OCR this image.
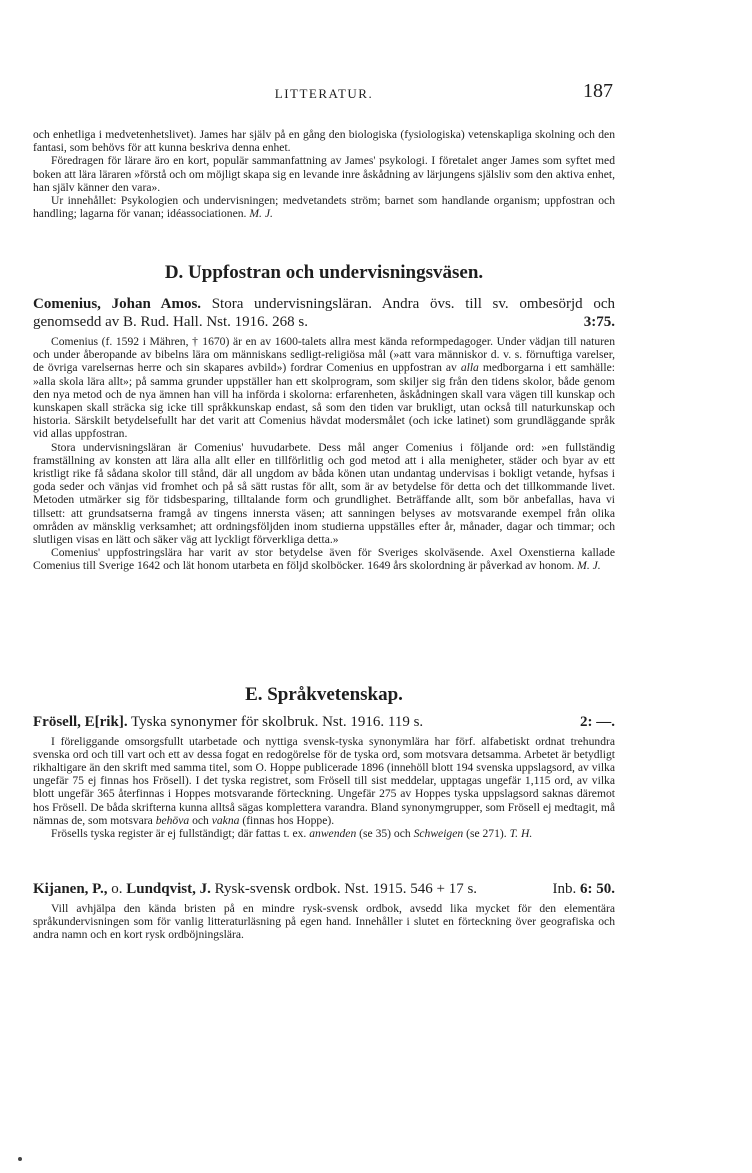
LITTERATUR.	187

och enhetliga i medvetenhetslivet). James har själv på en gång den biologiska (fysiologiska) vetenskapliga skolning och den fantasi, som behövs för att kunna beskriva denna enhet.

Föredragen för lärare äro en kort, populär sammanfattning av James' psykologi. I företalet anger James som syftet med boken att lära läraren »förstå och om möjligt skapa sig en levande inre åskådning av lärjungens själsliv som den aktiva enhet, han själv känner den vara».

Ur innehållet: Psykologien och undervisningen; medvetandets ström; barnet som handlande organism; uppfostran och handling; lagarna för vanan; idéassociationen. M. J.

D. Uppfostran och undervisningsväsen.

Comenius, Johan Amos. Stora undervisningsläran. Andra övs. till sv. ombesörjd och genomsedd av B. Rud. Hall. Nst. 1916. 268 s.	3:75.

Comenius (f. 1592 i Mähren, † 1670) är en av 1600-talets allra mest kända reformpedagoger. Under vädjan till naturen och under åberopande av bibelns lära om människans sedligt-religiösa mål (»att vara människor d. v. s. förnuftiga varelser, de övriga varelsernas herre och sin skapares avbild») fordrar Comenius en uppfostran av alla medborgarna i ett samhälle: »alla skola lära allt»; på samma grunder uppställer han ett skolprogram, som skiljer sig från den tidens skolor, både genom den nya metod och de nya ämnen han vill ha införda i skolorna: erfarenheten, åskådningen skall vara vägen till kunskap och kunskapen skall sträcka sig icke till språkkunskap endast, så som den tiden var brukligt, utan också till naturkunskap och historia. Särskilt betydelsefullt har det varit att Comenius hävdat modersmålet (och icke latinet) som grundläggande språk vid allas uppfostran.

Stora undervisningsläran är Comenius' huvudarbete. Dess mål anger Comenius i följande ord: »en fullständig framställning av konsten att lära alla allt eller en tillförlitlig och god metod att i alla menigheter, städer och byar av ett kristligt rike få sådana skolor till stånd, där all ungdom av båda könen utan undantag undervisas i bokligt vetande, hyfsas i goda seder och vänjas vid fromhet och på så sätt rustas för allt, som är av betydelse för detta och det tillkommande livet. Metoden utmärker sig för tidsbesparing, tilltalande form och grundlighet. Beträffande allt, som bör anbefallas, hava vi tillsett: att grundsatserna framgå av tingens innersta väsen; att sanningen belyses av motsvarande exempel från olika områden av mänsklig verksamhet; att ordningsföljden inom studierna uppställes efter år, månader, dagar och timmar; och slutligen visas en lätt och säker väg att lyckligt förverkliga detta.»

Comenius' uppfostringslära har varit av stor betydelse även för Sveriges skolväsende. Axel Oxenstierna kallade Comenius till Sverige 1642 och lät honom utarbeta en följd skolböcker. 1649 års skolordning är påverkad av honom. M. J.

E. Språkvetenskap.

Frösell, E[rik]. Tyska synonymer för skolbruk. Nst. 1916. 119 s.	2: —.

I föreliggande omsorgsfullt utarbetade och nyttiga svensk-tyska synonymlära har förf. alfabetiskt ordnat trehundra svenska ord och till vart och ett av dessa fogat en redogörelse för de tyska ord, som motsvara detsamma. Arbetet är betydligt rikhaltigare än den skrift med samma titel, som O. Hoppe publicerade 1896 (innehöll blott 194 svenska uppslagsord, av vilka ungefär 75 ej finnas hos Frösell). I det tyska registret, som Frösell till sist meddelar, upptagas ungefär 1,115 ord, av vilka blott ungefär 365 återfinnas i Hoppes motsvarande förteckning. Ungefär 275 av Hoppes tyska uppslagsord saknas däremot hos Frösell. De båda skrifterna kunna alltså sägas komplettera varandra. Bland synonymgrupper, som Frösell ej medtagit, må nämnas de, som motsvara behöva och vakna (finnas hos Hoppe).

Frösells tyska register är ej fullständigt; där fattas t. ex. anwenden (se 35) och Schweigen (se 271). T. H.

Kijanen, P., o. Lundqvist, J. Rysk-svensk ordbok. Nst. 1915. 546 + 17 s.	Inb. 6: 50.

Vill avhjälpa den kända bristen på en mindre rysk-svensk ordbok, avsedd lika mycket för den elementära språkundervisningen som för vanlig litteraturläsning på egen hand. Innehåller i slutet en förteckning över geografiska och andra namn och en kort rysk ordböjningslära.
